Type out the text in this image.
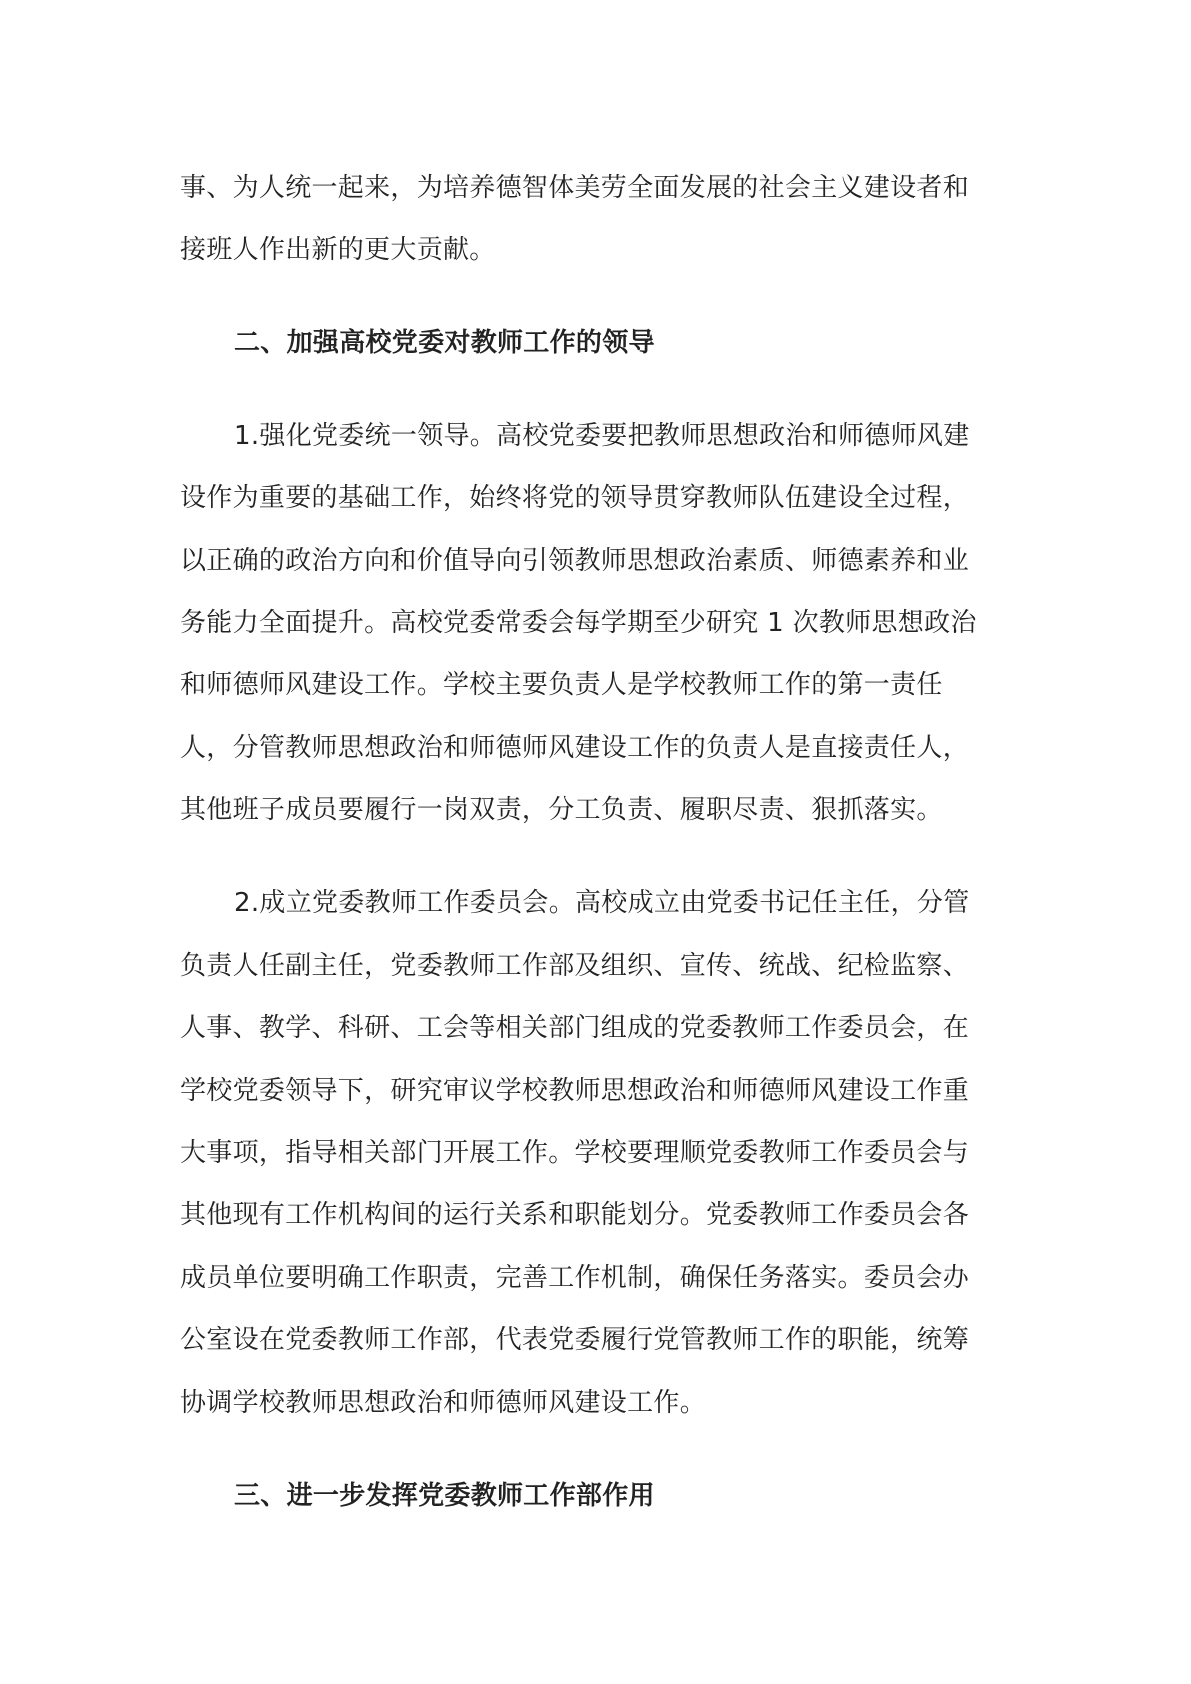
事、为人统一起来，为培养德智体美劳全面发展的社会主义建设者和
接班人作出新的更大贡献。
二、加强高校党委对教师工作的领导
1.强化党委统一领导。高校党委要把教师思想政治和师德师风建
设作为重要的基础工作，始终将党的领导贯穿教师队伍建设全过程，
以正确的政治方向和价值导向引领教师思想政治素质、师德素养和业
务能力全面提升。高校党委常委会每学期至少研究 1 次教师思想政治
和师德师风建设工作。学校主要负责人是学校教师工作的第一责任
人，分管教师思想政治和师德师风建设工作的负责人是直接责任人，
其他班子成员要履行一岗双责，分工负责、履职尽责、狠抓落实。
2.成立党委教师工作委员会。高校成立由党委书记任主任，分管
负责人任副主任，党委教师工作部及组织、宣传、统战、纪检监察、
人事、教学、科研、工会等相关部门组成的党委教师工作委员会，在
学校党委领导下，研究审议学校教师思想政治和师德师风建设工作重
大事项，指导相关部门开展工作。学校要理顺党委教师工作委员会与
其他现有工作机构间的运行关系和职能划分。党委教师工作委员会各
成员单位要明确工作职责，完善工作机制，确保任务落实。委员会办
公室设在党委教师工作部，代表党委履行党管教师工作的职能，统筹
协调学校教师思想政治和师德师风建设工作。
三、进一步发挥党委教师工作部作用
